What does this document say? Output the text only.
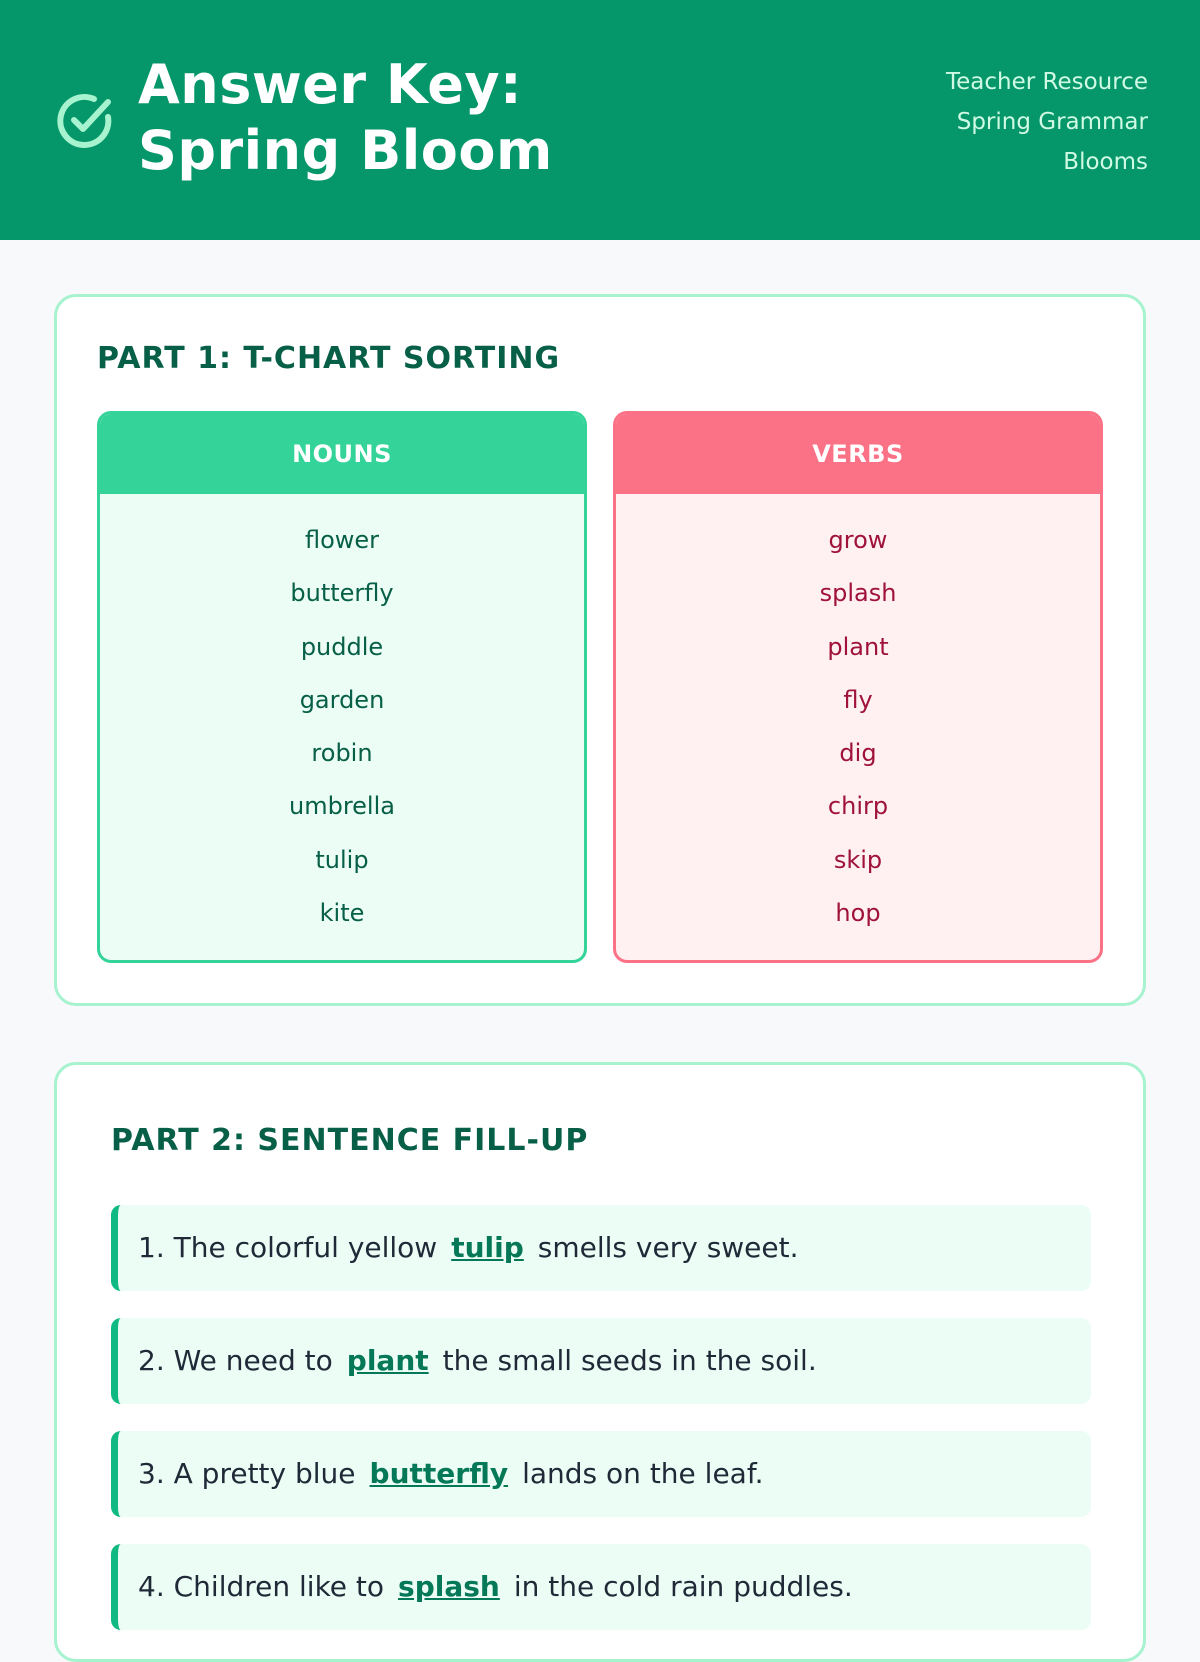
Answer Key: Spring Bloom
Teacher Resource
Spring Grammar
Blooms
PART 1: T-CHART SORTING
NOUNS
flower
butterfly
puddle
garden
robin
umbrella
tulip
kite
VERBS
grow
splash
plant
fly
dig
chirp
skip
hop
PART 2: SENTENCE FILL-UP
1. The colorful yellow tulip smells very sweet.
2. We need to plant the small seeds in the soil.
3. A pretty blue butterfly lands on the leaf.
4. Children like to splash in the cold rain puddles.
